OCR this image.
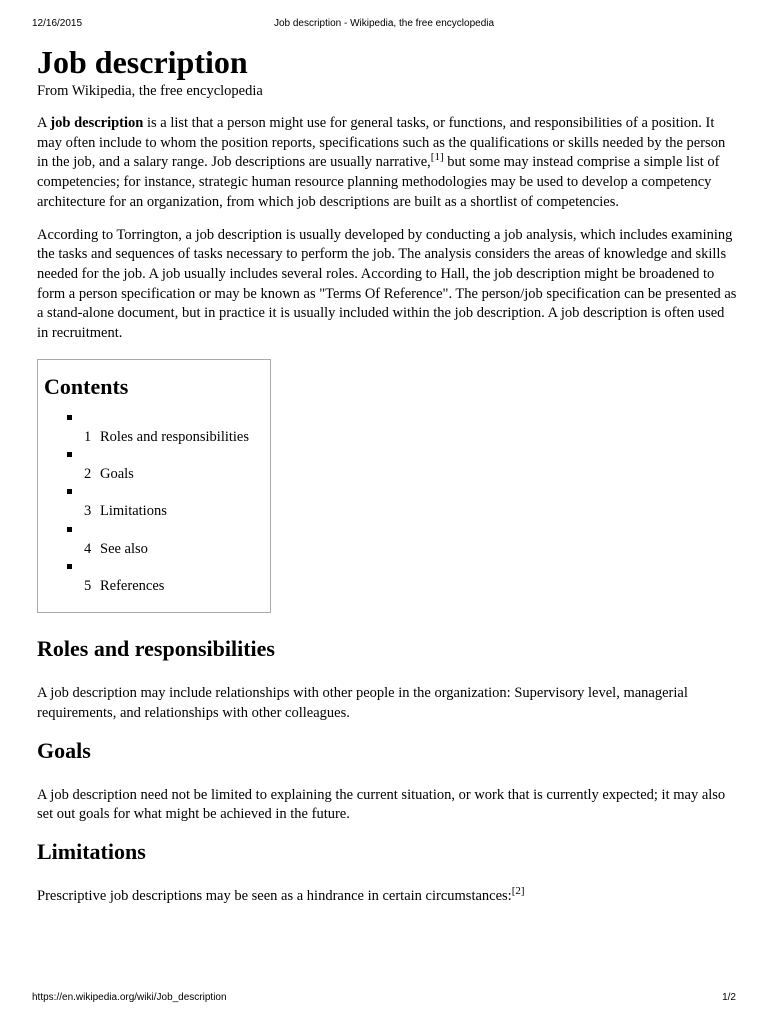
12/16/2015	Job description - Wikipedia, the free encyclopedia
Job description
From Wikipedia, the free encyclopedia

A job description is a list that a person might use for general tasks, or functions, and responsibilities of a position. It may often include to whom the position reports, specifications such as the qualifications or skills needed by the person in the job, and a salary range. Job descriptions are usually narrative,[1] but some may instead comprise a simple list of competencies; for instance, strategic human resource planning methodologies may be used to develop a competency architecture for an organization, from which job descriptions are built as a shortlist of competencies.

According to Torrington, a job description is usually developed by conducting a job analysis, which includes examining the tasks and sequences of tasks necessary to perform the job. The analysis considers the areas of knowledge and skills needed for the job. A job usually includes several roles. According to Hall, the job description might be broadened to form a person specification or may be known as "Terms Of Reference". The person/job specification can be presented as a stand-alone document, but in practice it is usually included within the job description. A job description is often used in recruitment.

Contents
1 Roles and responsibilities
2 Goals
3 Limitations
4 See also
5 References
Roles and responsibilities

A job description may include relationships with other people in the organization: Supervisory level, managerial requirements, and relationships with other colleagues.

Goals

A job description need not be limited to explaining the current situation, or work that is currently expected; it may also set out goals for what might be achieved in the future.

Limitations

Prescriptive job descriptions may be seen as a hindrance in certain circumstances:[2]

https://en.wikipedia.org/wiki/Job_description	1/2
